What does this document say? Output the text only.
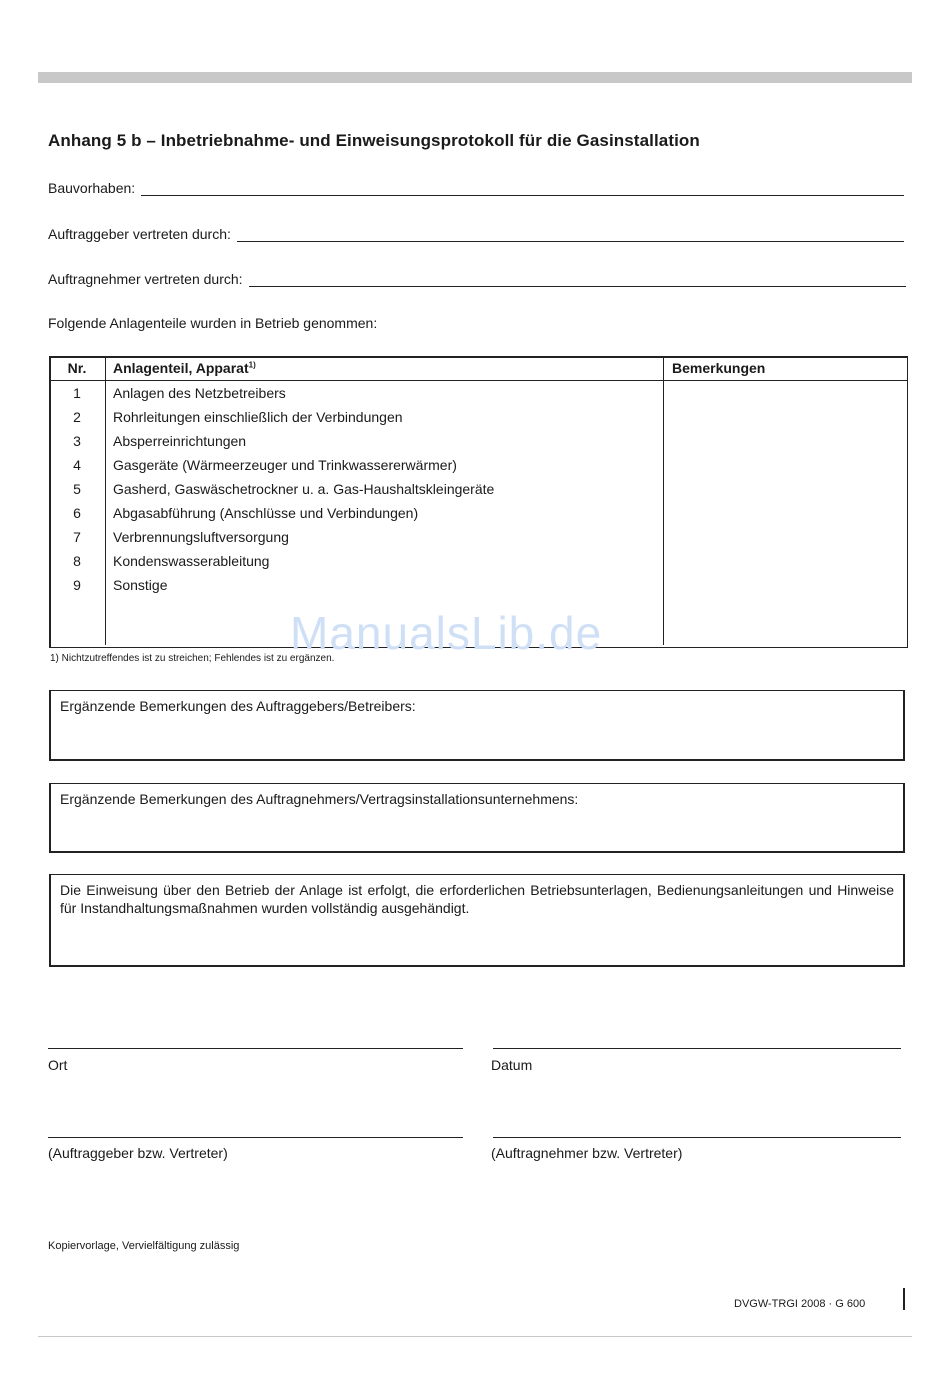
Anhang 5 b – Inbetriebnahme- und Einweisungsprotokoll für die Gasinstallation
Bauvorhaben:
Auftraggeber vertreten durch:
Auftragnehmer vertreten durch:
Folgende Anlagenteile wurden in Betrieb genommen:
Nr.	Anlagenteil, Apparat$^{1)}$	Bemerkungen
1	Anlagen des Netzbetreibers	
2	Rohrleitungen einschließlich der Verbindungen	
3	Absperreinrichtungen	
4	Gasgeräte (Wärmeerzeuger und Trinkwassererwärmer)	
5	Gasherd, Gaswäschetrockner u. a. Gas-Haushaltskleingeräte	
6	Abgasabführung (Anschlüsse und Verbindungen)	
7	Verbrennungsluftversorgung	
8	Kondenswasserableitung	
9	Sonstige	

ManualsLib.de
1) Nichtzutreffendes ist zu streichen; Fehlendes ist zu ergänzen.
Ergänzende Bemerkungen des Auftraggebers/Betreibers:
Ergänzende Bemerkungen des Auftragnehmers/Vertragsinstallationsunternehmens:
Die Einweisung über den Betrieb der Anlage ist erfolgt, die erforderlichen Betriebsunterlagen, Bedienungsanleitungen und Hinweise für Instandhaltungsmaßnahmen wurden vollständig ausgehändigt.
Ort	Datum
(Auftraggeber bzw. Vertreter)	(Auftragnehmer bzw. Vertreter)
Kopiervorlage, Vervielfältigung zulässig
DVGW-TRGI 2008 · G 600
